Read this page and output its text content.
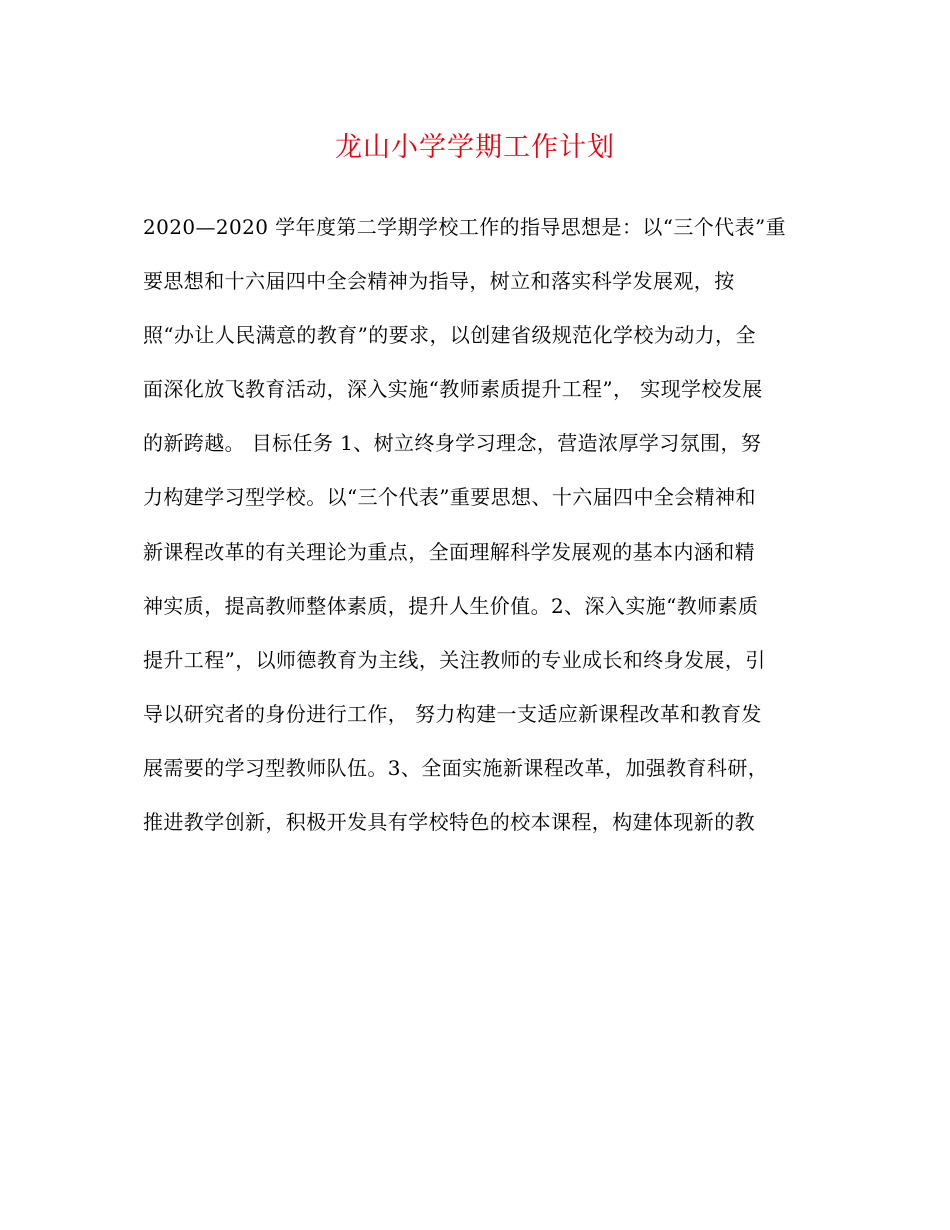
龙山小学学期工作计划
2020—2020 学年度第二学期学校工作的指导思想是：以“三个代表”重
要思想和十六届四中全会精神为指导，树立和落实科学发展观，按
照“办让人民满意的教育”的要求，以创建省级规范化学校为动力，全
面深化放飞教育活动，深入实施“教师素质提升工程”， 实现学校发展
的新跨越。 目标任务 1、树立终身学习理念，营造浓厚学习氛围，努
力构建学习型学校。以“三个代表”重要思想、十六届四中全会精神和
新课程改革的有关理论为重点，全面理解科学发展观的基本内涵和精
神实质，提高教师整体素质，提升人生价值。2、深入实施“教师素质
提升工程”，以师德教育为主线，关注教师的专业成长和终身发展，引
导以研究者的身份进行工作， 努力构建一支适应新课程改革和教育发
展需要的学习型教师队伍。3、全面实施新课程改革，加强教育科研，
推进教学创新，积极开发具有学校特色的校本课程，构建体现新的教
